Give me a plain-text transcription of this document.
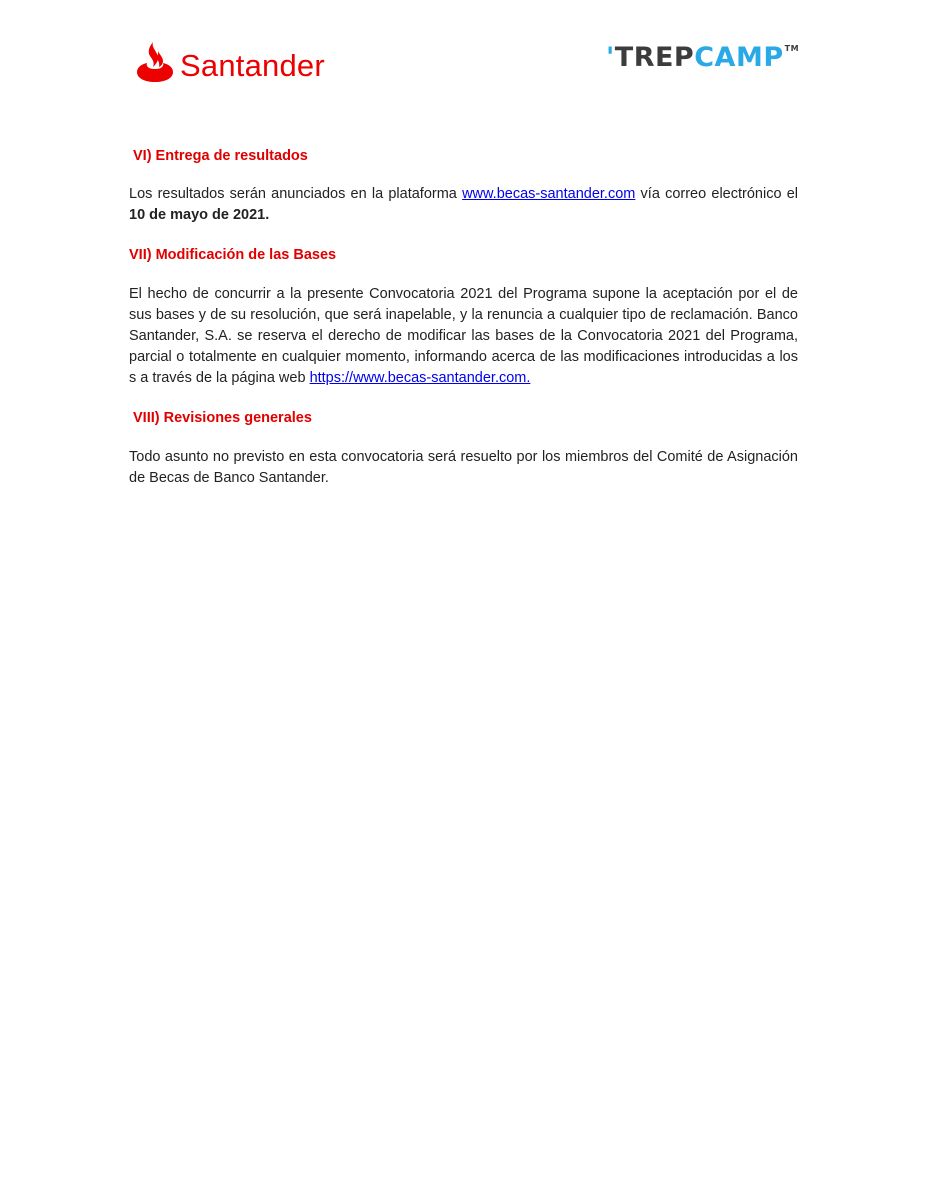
Santander	' TREP CAMP TM
VI) Entrega de resultados

Los resultados serán anunciados en la plataforma www.becas-santander.com vía correo electrónico el 10 de mayo de 2021.

VII) Modificación de las Bases

El hecho de concurrir a la presente Convocatoria 2021 del Programa supone la aceptación por el de sus bases y de su resolución, que será inapelable, y la renuncia a cualquier tipo de reclamación. Banco Santander, S.A. se reserva el derecho de modificar las bases de la Convocatoria 2021 del Programa, parcial o totalmente en cualquier momento, informando acerca de las modificaciones introducidas a los s a través de la página web https://www.becas-santander.com.

VIII) Revisiones generales

Todo asunto no previsto en esta convocatoria será resuelto por los miembros del Comité de Asignación de Becas de Banco Santander.
